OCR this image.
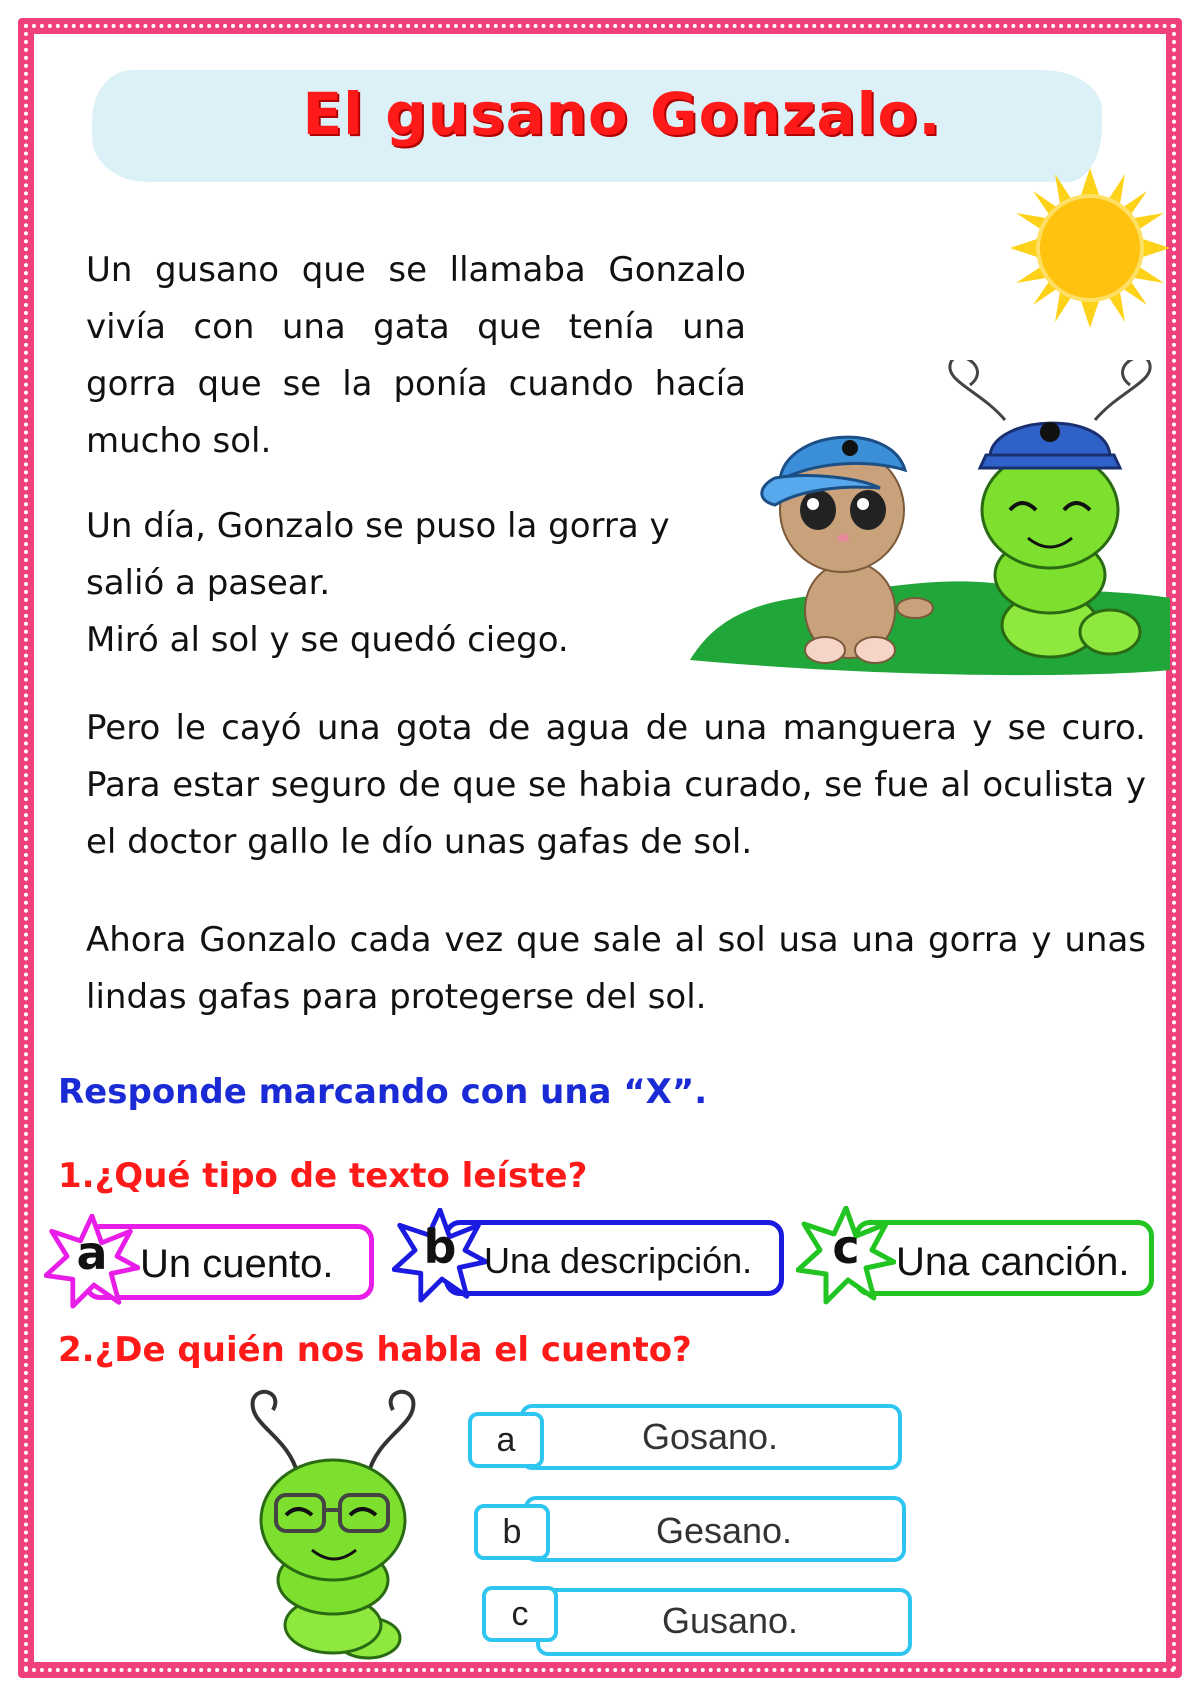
El gusano Gonzalo.
Un gusano que se llamaba Gonzalo vivía con una gata que tenía una gorra que se la ponía cuando hacía mucho sol.
Un día, Gonzalo se puso la gorra y salió a pasear.
Miró al sol y se quedó ciego.
Pero le cayó una gota de agua de una manguera y se curo. Para estar seguro de que se habia curado, se fue al oculista y el doctor gallo le dío unas gafas de sol.
Ahora Gonzalo cada vez que sale al sol usa una gorra y unas lindas gafas para protegerse del sol.
Responde marcando con una “X”.
1.¿Qué tipo de texto leíste?
a Un cuento.	b Una descripción.	c Una canción.
2.¿De quién nos habla el cuento?
a	Gosano.
b	Gesano.
c	Gusano.
